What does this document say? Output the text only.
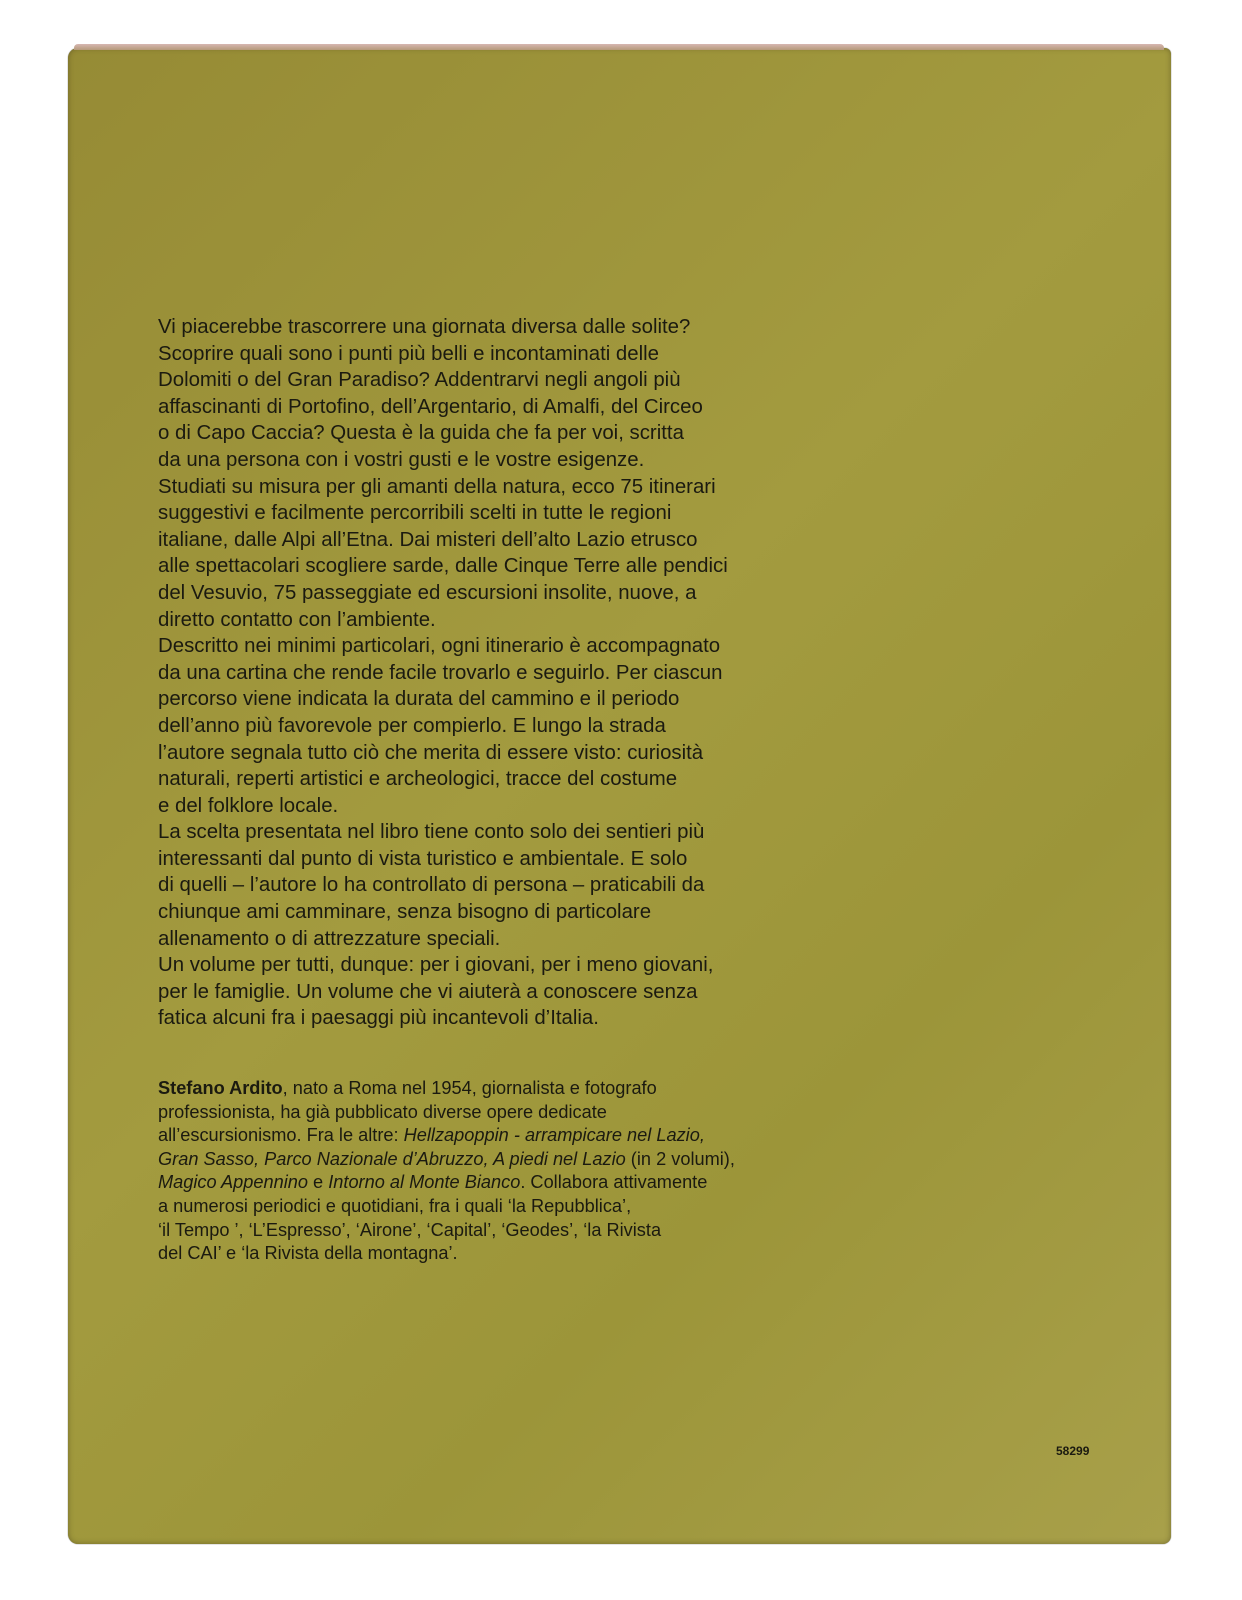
Vi piacerebbe trascorrere una giornata diversa dalle solite?

Scoprire quali sono i punti più belli e incontaminati delle

Dolomiti o del Gran Paradiso? Addentrarvi negli angoli più

affascinanti di Portofino, dell’Argentario, di Amalfi, del Circeo

o di Capo Caccia? Questa è la guida che fa per voi, scritta

da una persona con i vostri gusti e le vostre esigenze.

Studiati su misura per gli amanti della natura, ecco 75 itinerari

suggestivi e facilmente percorribili scelti in tutte le regioni

italiane, dalle Alpi all’Etna. Dai misteri dell’alto Lazio etrusco

alle spettacolari scogliere sarde, dalle Cinque Terre alle pendici

del Vesuvio, 75 passeggiate ed escursioni insolite, nuove, a

diretto contatto con l’ambiente.

Descritto nei minimi particolari, ogni itinerario è accompagnato

da una cartina che rende facile trovarlo e seguirlo. Per ciascun

percorso viene indicata la durata del cammino e il periodo

dell’anno più favorevole per compierlo. E lungo la strada

l’autore segnala tutto ciò che merita di essere visto: curiosità

naturali, reperti artistici e archeologici, tracce del costume

e del folklore locale.

La scelta presentata nel libro tiene conto solo dei sentieri più

interessanti dal punto di vista turistico e ambientale. E solo

di quelli – l’autore lo ha controllato di persona – praticabili da

chiunque ami camminare, senza bisogno di particolare

allenamento o di attrezzature speciali.

Un volume per tutti, dunque: per i giovani, per i meno giovani,

per le famiglie. Un volume che vi aiuterà a conoscere senza

fatica alcuni fra i paesaggi più incantevoli d’Italia.

Stefano Ardito, nato a Roma nel 1954, giornalista e fotografo

professionista, ha già pubblicato diverse opere dedicate

all’escursionismo. Fra le altre: Hellzapoppin - arrampicare nel Lazio,

Gran Sasso, Parco Nazionale d’Abruzzo, A piedi nel Lazio (in 2 volumi),

Magico Appennino e Intorno al Monte Bianco. Collabora attivamente

a numerosi periodici e quotidiani, fra i quali ‘la Repubblica’,

‘il Tempo ’, ‘L’Espresso’, ‘Airone’, ‘Capital’, ‘Geodes’, ‘la Rivista

del CAI’ e ‘la Rivista della montagna’.

58299
